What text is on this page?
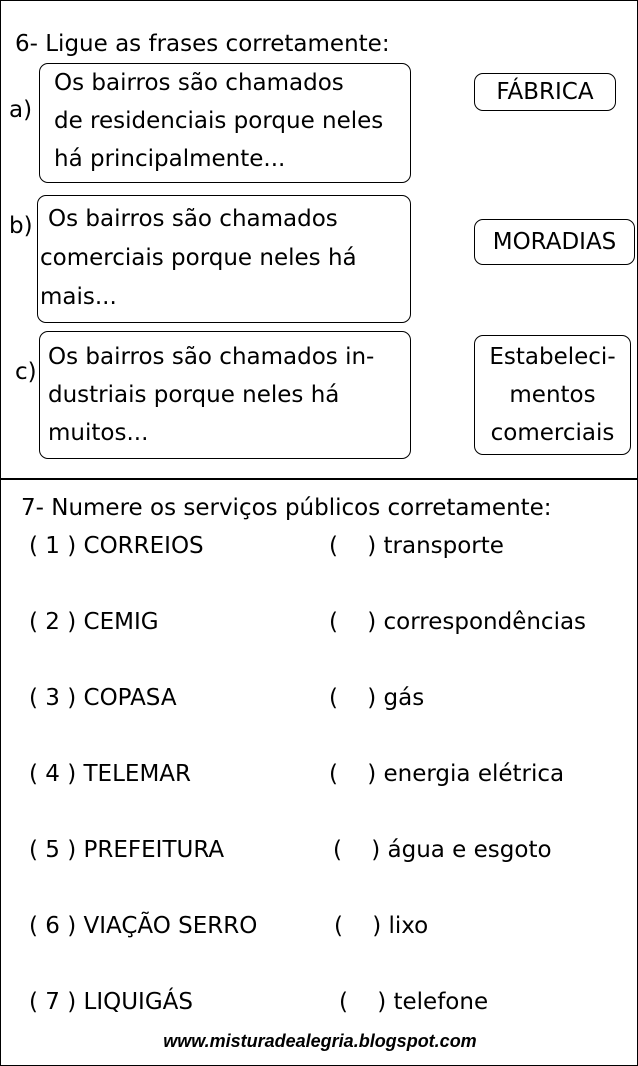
6- Ligue as frases corretamente:
a)
Os bairros são chamados
de residenciais porque neles
há principalmente...
b) Os bairros são chamados
comerciais porque neles há
mais...
c)
Os bairros são chamados in-
dustriais porque neles há
muitos...
FÁBRICA
MORADIAS
Estabeleci-
mentos
comerciais
7- Numere os serviços públicos corretamente:
( 1 ) CORREIOS
( 2 ) CEMIG
( 3 ) COPASA
( 4 ) TELEMAR
( 5 ) PREFEITURA
( 6 ) VIAÇÃO SERRO
( 7 ) LIQUIGÁS
(    ) transporte
(    ) correspondências
(    ) gás
(    ) energia elétrica
(    ) água e esgoto
(    ) lixo
(    ) telefone
www.misturadealegria.blogspot.com
